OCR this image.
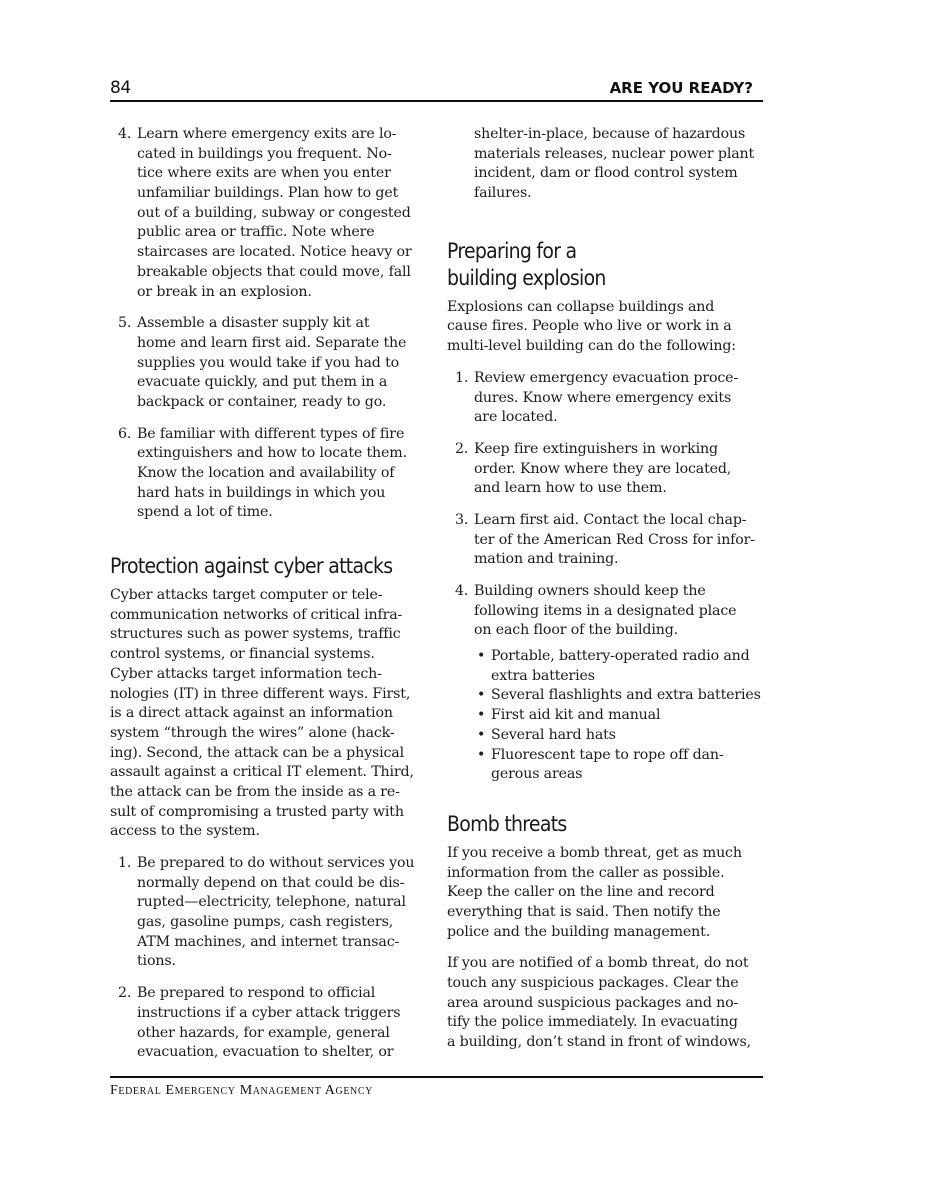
84	ARE YOU READY?
4. Learn where emergency exits are lo-
cated in buildings you frequent. No-
tice where exits are when you enter
unfamiliar buildings. Plan how to get
out of a building, subway or congested
public area or traffic. Note where
staircases are located. Notice heavy or
breakable objects that could move, fall
or break in an explosion.
5. Assemble a disaster supply kit at
home and learn first aid. Separate the
supplies you would take if you had to
evacuate quickly, and put them in a
backpack or container, ready to go.
6. Be familiar with different types of fire
extinguishers and how to locate them.
Know the location and availability of
hard hats in buildings in which you
spend a lot of time.
Protection against cyber attacks
Cyber attacks target computer or tele-
communication networks of critical infra-
structures such as power systems, traffic
control systems, or financial systems.
Cyber attacks target information tech-
nologies (IT) in three different ways. First,
is a direct attack against an information
system “through the wires” alone (hack-
ing). Second, the attack can be a physical
assault against a critical IT element. Third,
the attack can be from the inside as a re-
sult of compromising a trusted party with
access to the system.
1. Be prepared to do without services you
normally depend on that could be dis-
rupted—electricity, telephone, natural
gas, gasoline pumps, cash registers,
ATM machines, and internet transac-
tions.
2. Be prepared to respond to official
instructions if a cyber attack triggers
other hazards, for example, general
evacuation, evacuation to shelter, or
shelter-in-place, because of hazardous
materials releases, nuclear power plant
incident, dam or flood control system
failures.
Preparing for a
building explosion
Explosions can collapse buildings and
cause fires. People who live or work in a
multi-level building can do the following:
1. Review emergency evacuation proce-
dures. Know where emergency exits
are located.
2. Keep fire extinguishers in working
order. Know where they are located,
and learn how to use them.
3. Learn first aid. Contact the local chap-
ter of the American Red Cross for infor-
mation and training.
4. Building owners should keep the
following items in a designated place
on each floor of the building.
• Portable, battery-operated radio and
extra batteries
• Several flashlights and extra batteries
• First aid kit and manual
• Several hard hats
• Fluorescent tape to rope off dan-
gerous areas
Bomb threats
If you receive a bomb threat, get as much
information from the caller as possible.
Keep the caller on the line and record
everything that is said. Then notify the
police and the building management.
If you are notified of a bomb threat, do not
touch any suspicious packages. Clear the
area around suspicious packages and no-
tify the police immediately. In evacuating
a building, don’t stand in front of windows,
Federal Emergency Management Agency
